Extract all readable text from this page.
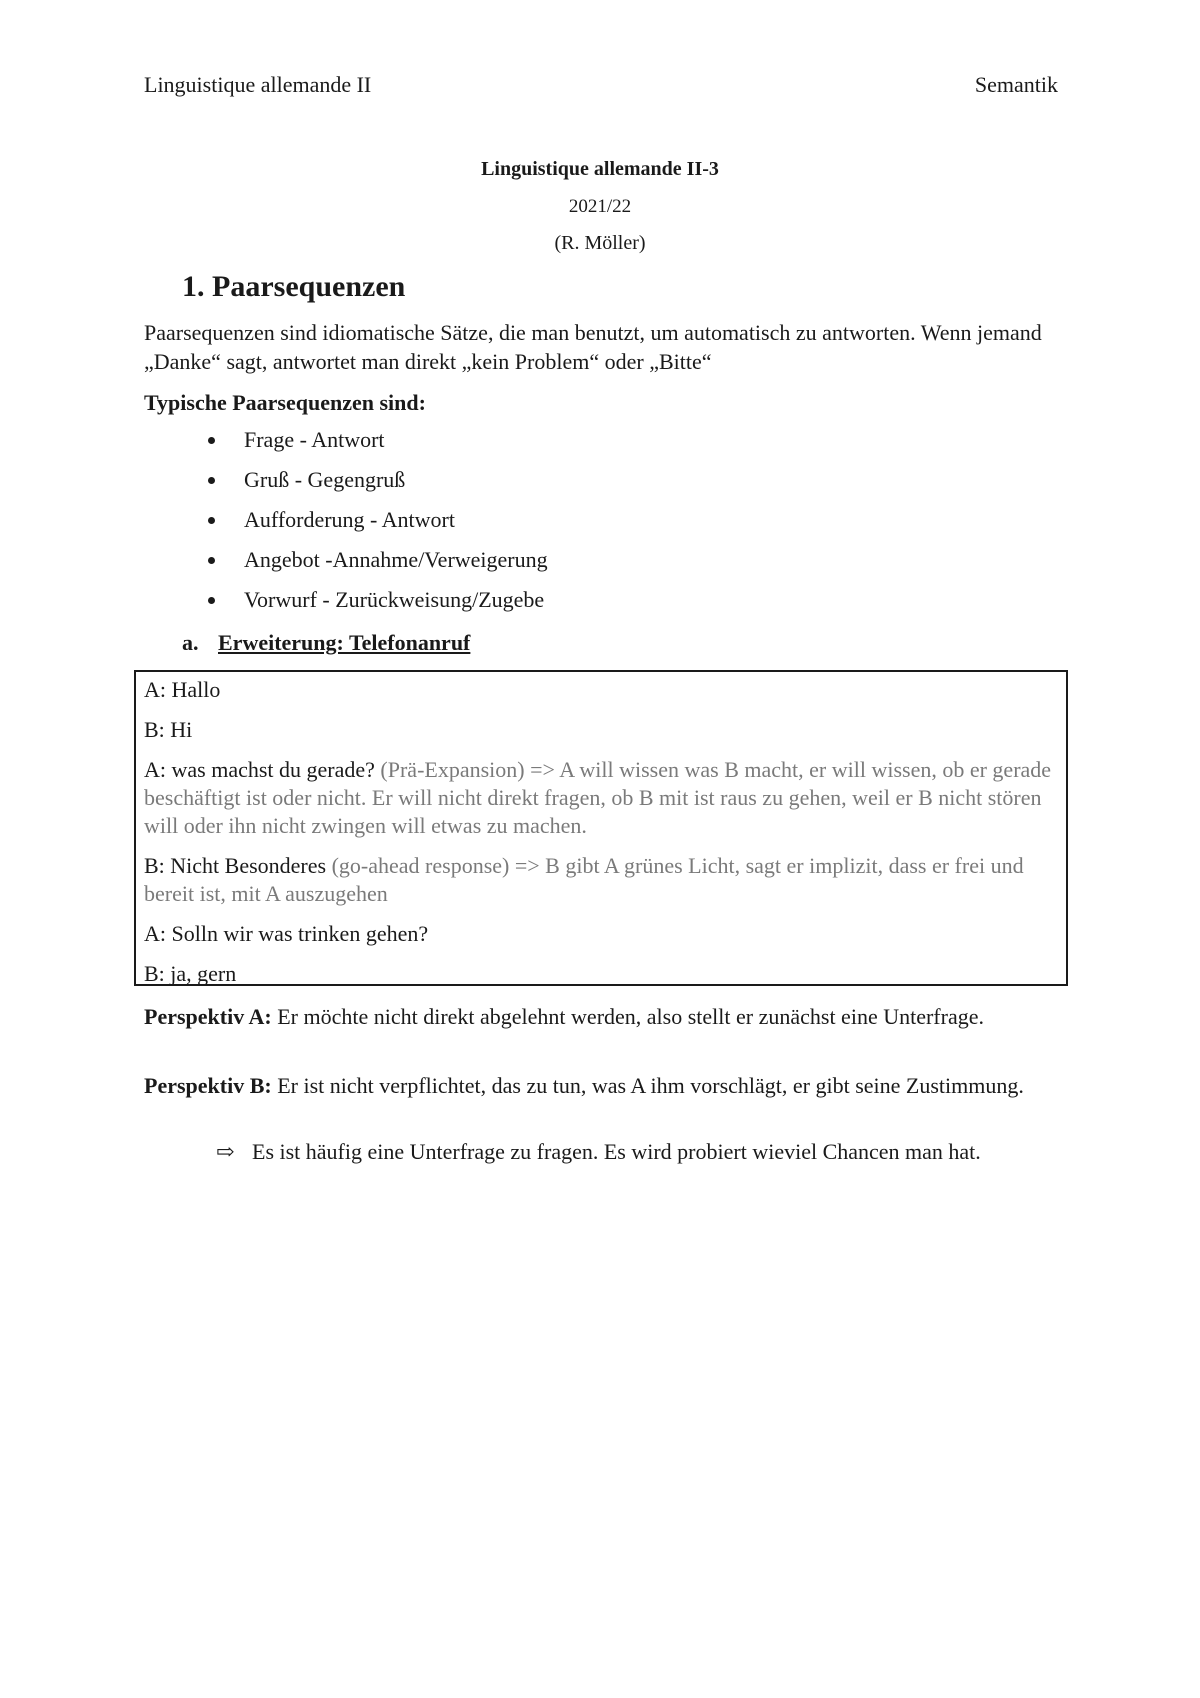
Linguistique allemande II	Semantik
Linguistique allemande II-3
2021/22
(R. Möller)
1. Paarsequenzen
Paarsequenzen sind idiomatische Sätze, die man benutzt, um automatisch zu antworten. Wenn jemand „Danke“ sagt, antwortet man direkt „kein Problem“ oder „Bitte“
Typische Paarsequenzen sind:
Frage - Antwort
Gruß - Gegengruß
Aufforderung - Antwort
Angebot -Annahme/Verweigerung
Vorwurf - Zurückweisung/Zugebe
a. Erweiterung: Telefonanruf
A: Hallo
B: Hi
A: was machst du gerade? (Prä-Expansion) => A will wissen was B macht, er will wissen, ob er gerade beschäftigt ist oder nicht. Er will nicht direkt fragen, ob B mit ist raus zu gehen, weil er B nicht stören will oder ihn nicht zwingen will etwas zu machen.
B: Nicht Besonderes (go-ahead response) => B gibt A grünes Licht, sagt er implizit, dass er frei und bereit ist, mit A auszugehen
A: Solln wir was trinken gehen?
B: ja, gern
Perspektiv A: Er möchte nicht direkt abgelehnt werden, also stellt er zunächst eine Unterfrage.
Perspektiv B: Er ist nicht verpflichtet, das zu tun, was A ihm vorschlägt, er gibt seine Zustimmung.
⇨ Es ist häufig eine Unterfrage zu fragen. Es wird probiert wieviel Chancen man hat.
